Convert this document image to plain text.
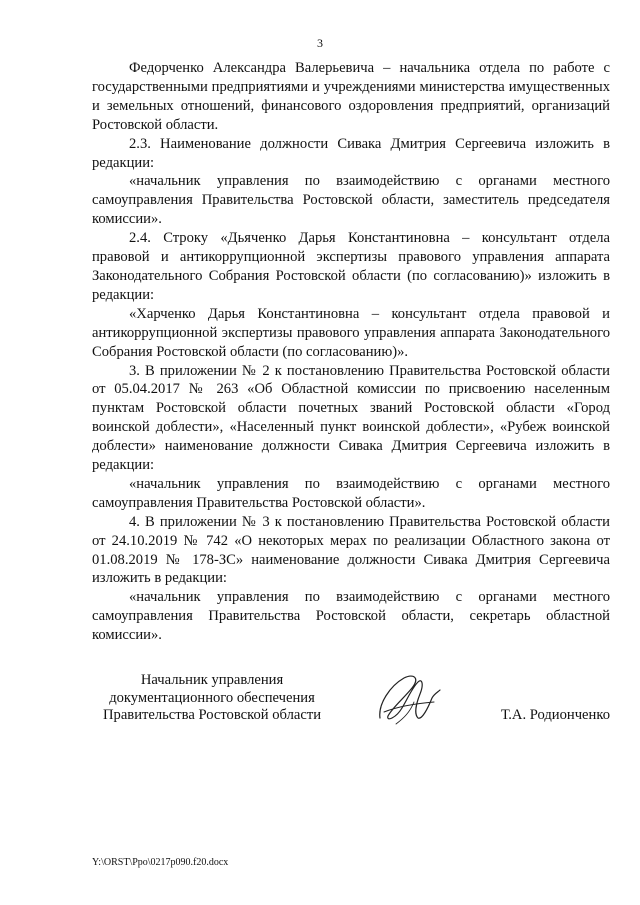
3

Федорченко Александра Валерьевича – начальника отдела по работе с государственными предприятиями и учреждениями министерства имущественных и земельных отношений, финансового оздоровления предприятий, организаций Ростовской области.

2.3. Наименование должности Сивака Дмитрия Сергеевича изложить в редакции:

«начальник управления по взаимодействию с органами местного самоуправления Правительства Ростовской области, заместитель председателя комиссии».

2.4. Строку «Дьяченко Дарья Константиновна – консультант отдела правовой и антикоррупционной экспертизы правового управления аппарата Законодательного Собрания Ростовской области (по согласованию)» изложить в редакции:

«Харченко Дарья Константиновна – консультант отдела правовой и антикоррупционной экспертизы правового управления аппарата Законодательного Собрания Ростовской области (по согласованию)».

3. В приложении № 2 к постановлению Правительства Ростовской области от 05.04.2017 № 263 «Об Областной комиссии по присвоению населенным пунктам Ростовской области почетных званий Ростовской области «Город воинской доблести», «Населенный пункт воинской доблести», «Рубеж воинской доблести» наименование должности Сивака Дмитрия Сергеевича изложить в редакции:

«начальник управления по взаимодействию с органами местного самоуправления Правительства Ростовской области».

4. В приложении № 3 к постановлению Правительства Ростовской области от 24.10.2019 № 742 «О некоторых мерах по реализации Областного закона от 01.08.2019 № 178-ЗС» наименование должности Сивака Дмитрия Сергеевича изложить в редакции:

«начальник управления по взаимодействию с органами местного самоуправления Правительства Ростовской области, секретарь областной комиссии».

Начальник управления
документационного обеспечения
Правительства Ростовской области	Т.А. Родионченко
Y:\ORST\Ppo\0217p090.f20.docx
